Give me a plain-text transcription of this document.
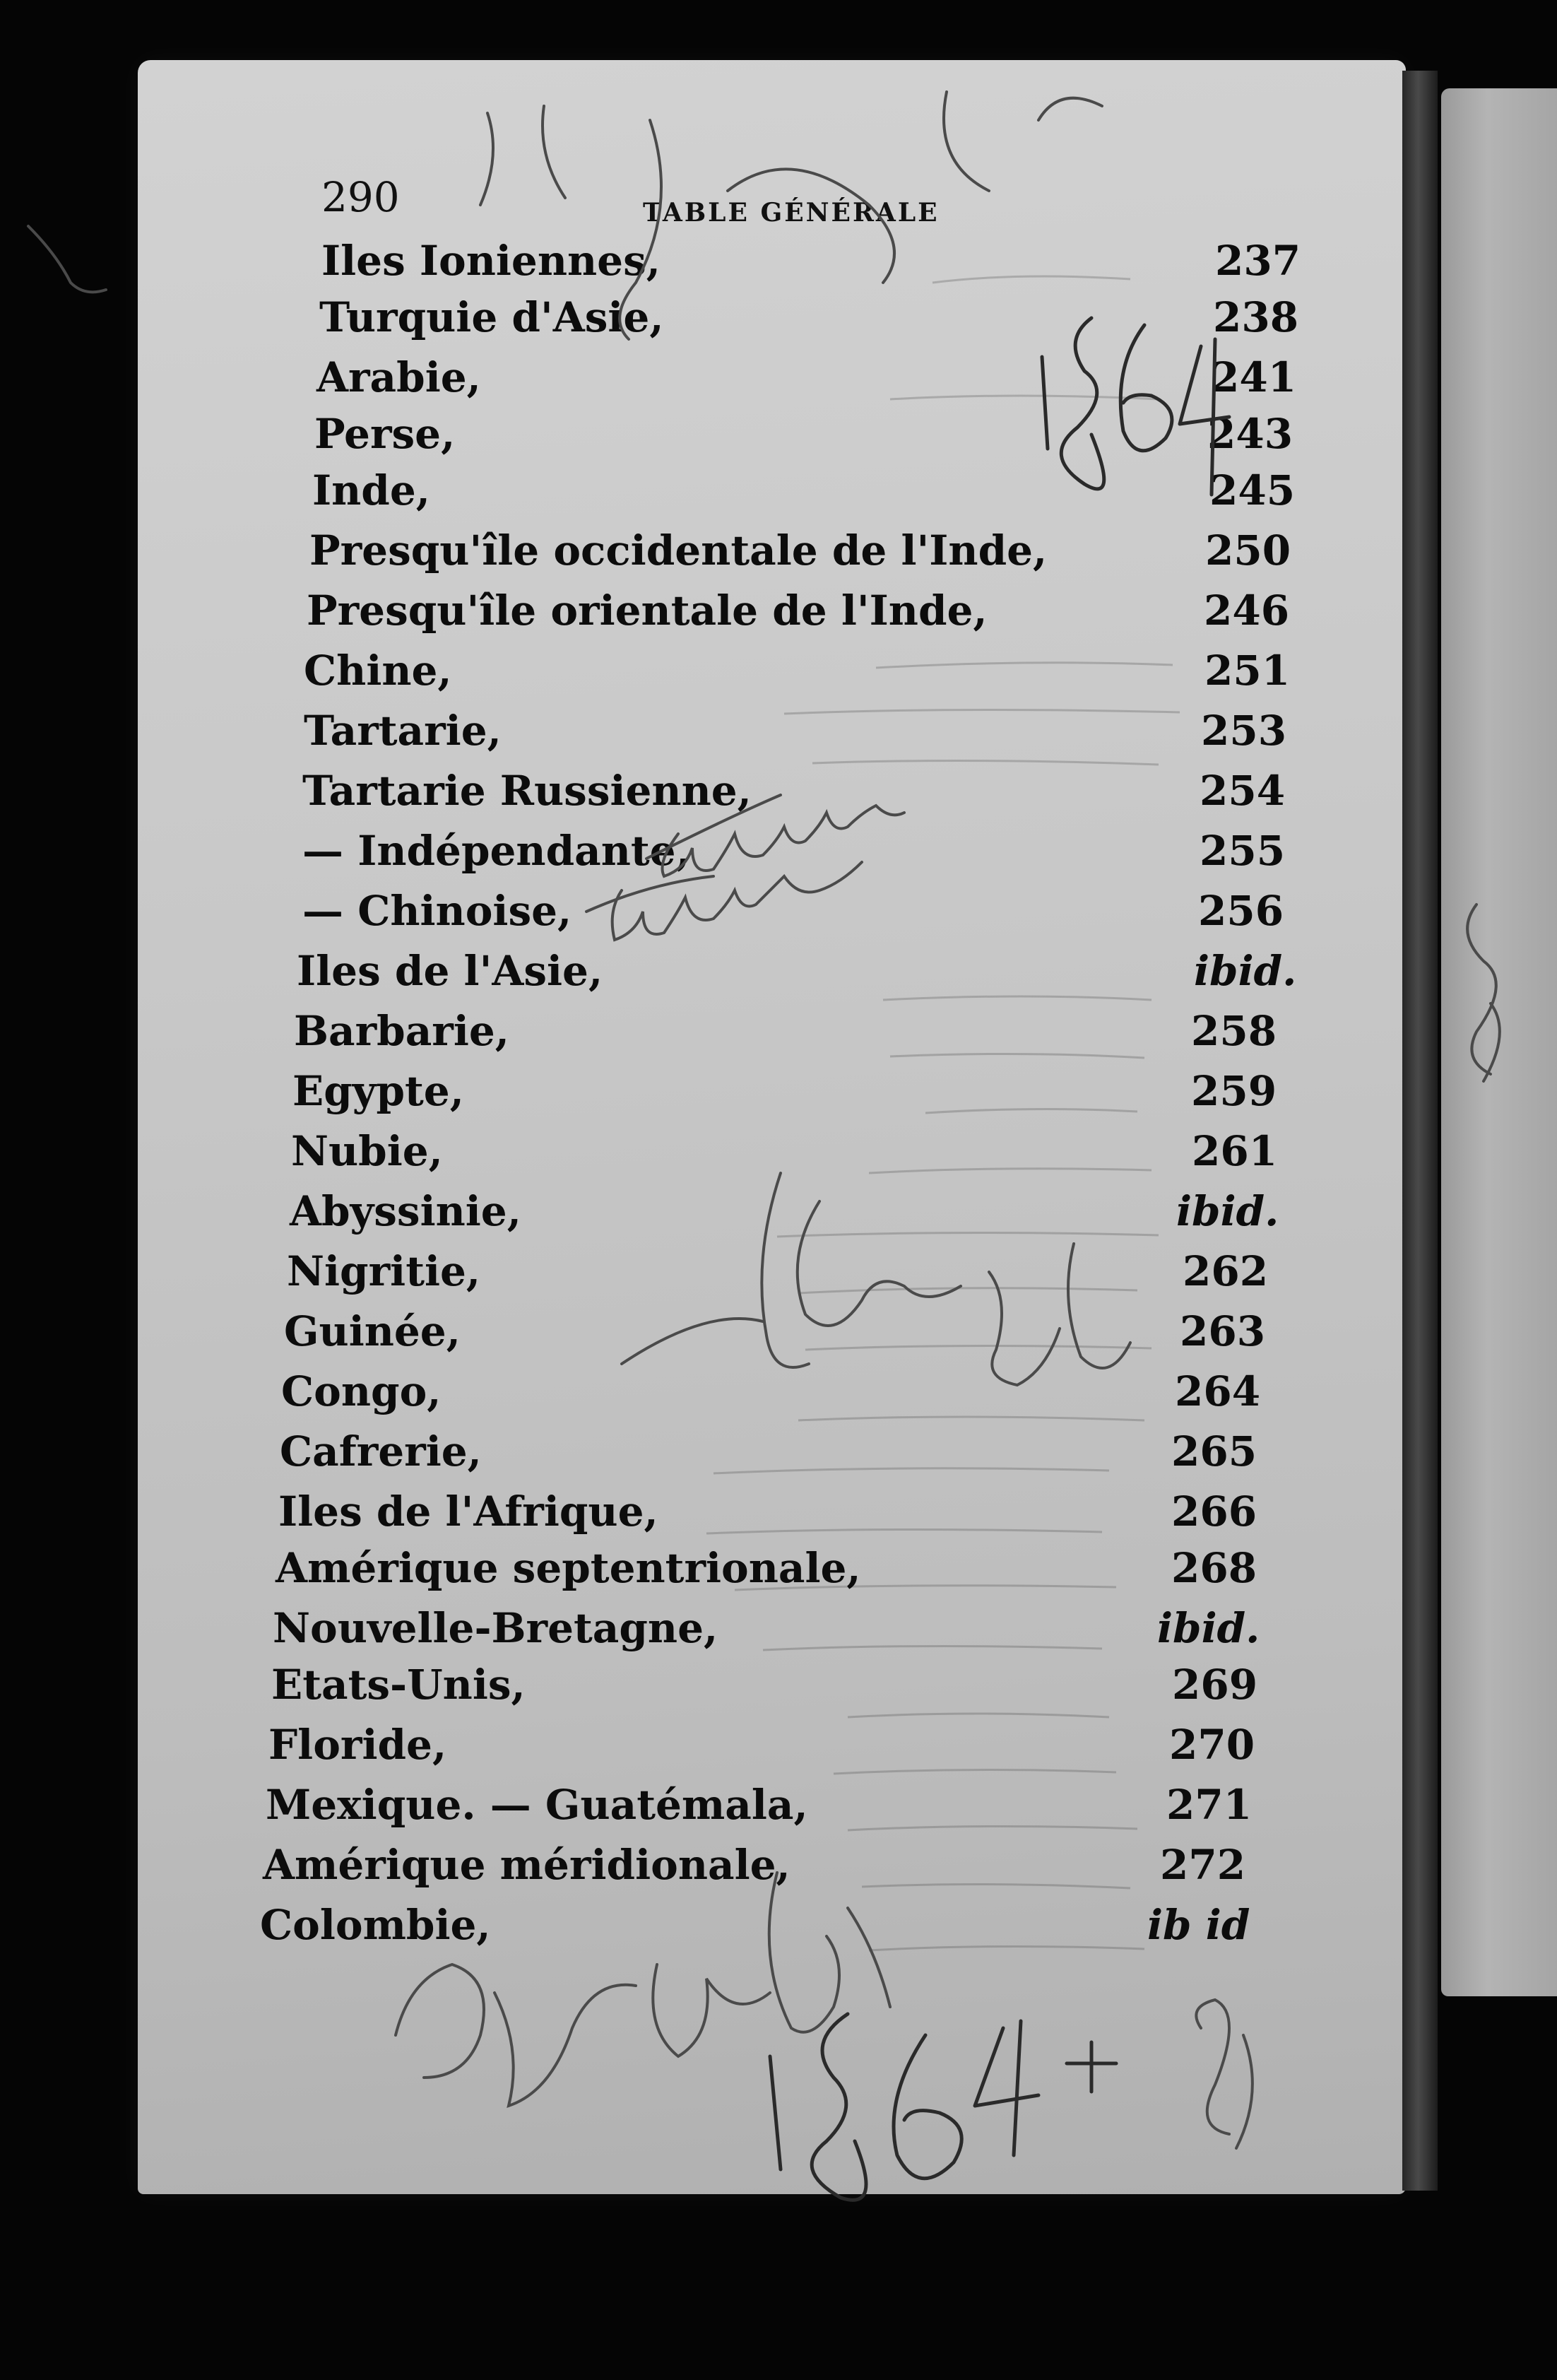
290	TABLE GÉNÉRALE
Iles Ioniennes,	237
Turquie d'Asie,	238
Arabie,	241
Perse,	243
Inde,	245
Presqu'île occidentale de l'Inde,	250
Presqu'île orientale de l'Inde,	246
Chine,	251
Tartarie,	253
Tartarie Russienne,	254
— Indépendante,	255
— Chinoise,	256
Iles de l'Asie,	ibid.
Barbarie,	258
Egypte,	259
Nubie,	261
Abyssinie,	ibid.
Nigritie,	262
Guinée,	263
Congo,	264
Cafrerie,	265
Iles de l'Afrique,	266
Amérique septentrionale,	268
Nouvelle-Bretagne,	ibid.
Etats-Unis,	269
Floride,	270
Mexique. — Guatémala,	271
Amérique méridionale,	272
Colombie,	ib id
